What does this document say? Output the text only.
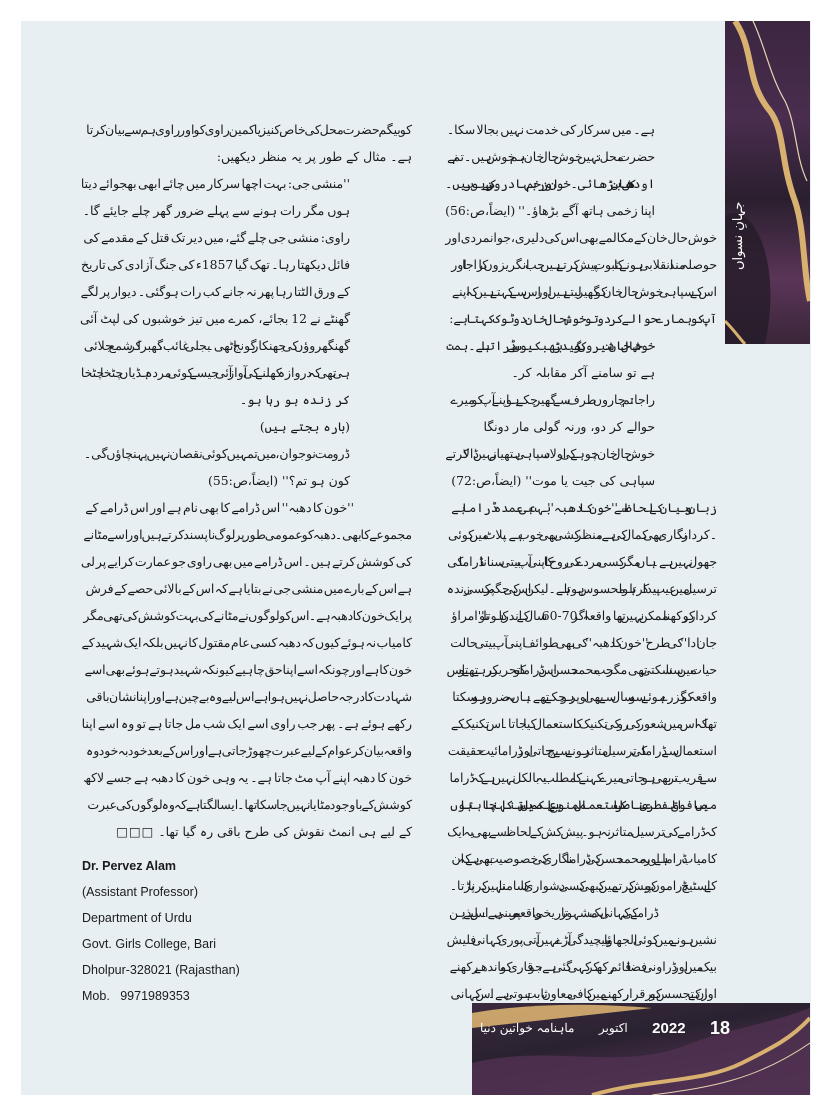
جہانِ نسواں

ہے۔ میں سرکار کی خدمت نہیں بجالا سکا۔

حضرت محل: نہیں خوش حال خان، ہم خوش ہیں۔تم نے

اودھ کی شان بڑھائی۔خون اور زخم بہادروں کے زیور ہیں۔

اپنا زخمی ہاتھ آگے بڑھاؤ۔'' (ایضاً،ص:56)

خوش حال خان کے مکالمے بھی اس کی دلیری، جوانمردی اور

حوصلہ مند انقلابی ہونے کا ثبوت پیش کرتے ہیں جب انگریزوں کا راجا اور

اس کے سپاہی خوش حال خان کو گھیر لیتے ہیں اور اس سے کہتے ہیں کہ اپنے

آپ کو ہمارے حوالے کر دو تو خوش حال خان دو ٹوک کہتا ہے:

خوش حال خان: شیروں کو گیدڑ بھبکیوں سے ڈراتا ہے۔ہمت

ہے تو سامنے آکر مقابلہ کر۔

راجا: تم چاروں طرف سے گھیر چکے ہو اپنے آپ کو میرے

حوالے کر دو، ورنہ گولی مار دونگا

خوش حال خان: چوہے کی اولاد سپاہی ہتھیار نہیں ڈالا کرتے

سپاہی کی جیت یا موت'' (ایضاً،ص:72)

زبان و بیان کے لحاظ سے ''خون کا دھبہ'' بہت ہی عمدہ ڈراما ہے

۔کردار نگاری بھی کمال کی ہے، منظر کشی بھی خوب ہے۔ پلاٹ میں کوئی

جھول نہیں ہے۔ ہاں مگر کسی مردے کی روح کا اپنی آپ بیتی سنانا ڈراما کی

ترسیل میں عیب پیدا کرتا ہوا محسوس ہوتا ہے۔لیکن اس کی جگہ پر کسی زندہ

کردار کو رکھنا ممکن نہیں تھا۔ واقعہ اگر 70-60 سال کے اندر کا ہوتا تو ''امراؤ

جان ادا'' کی طرح ''خون کا دھبہ'' کی بھی طوائف اپنی آپ بیتی حالت

حیات میں سنا سکتی تھی۔ مگر جب محمد حسن اس ڈراما کو تحریر کر رہے تھے تو اس

واقعہ کو گزرے ہوئے سو سال سے بھی اوپر ہو چکے تھے۔ ہاں یہ ضرور ہو سکتا

تھا کہ اس میں شعور کی رو کی تکنیک کا استعمال کیا جاتا۔ اس تکنیک کے

استعمال سے ڈراما کی ترسیل متاثر ہونے سے بچ جاتی اور ڈرامائیت حقیقت

سے قریب تر بھی ہو جاتی میرے کہنے کا مطلب یہ بالکل نہیں ہے کہ ڈراما

میں مافوق الفطری عناصر کا استعمال ممنوع ہے بلکہ میں بس اتنا کہنا چاہتا ہوں

کہ ڈرامے کی ترسیل متاثر نہ ہو۔ پیش کش کے لحاظ سے بھی یہ ایک

کامیاب ڈراما ہے اور یہ محمد حسن کی ڈراما نگاری کی خصوصیت بھی ہے کہ ان

کے اسٹیج ڈراموں کو پیش کرتے میں کبھی کسی دشواری کا سامنا نہیں کرنا پڑتا۔

ڈرامے کی کہانی ایک مشہور تاریخی واقعہ پر مبنی ہے۔ اس لیے ذہن

نشیں ہونے میں کوئی الجھاؤ یا پیچیدگی آڑے نہیں آتی، پوری کہانی فلیش

بیک میں اور ڈراونی فضا قائم رکھ کر کہی گئی ہے، جو قاری کو باندھے رکھنے

اور ان کے تجسس کو برقرار رکھنے میں کافی معاون ثابت ہوتی ہے۔ اس کہانی

کو بیگم حضرت محل کی خاص کنیز یا کمین راوی کو اور راوی ہم سے بیان کرتا

ہے۔ مثال کے طور پر یہ منظر دیکھیں:

''منشی جی: بہت اچھا سرکار میں چائے ابھی بھجوائے دیتا

ہوں مگر رات ہونے سے پہلے ضرور گھر چلے جایئے گا۔

راوی: منشی جی چلے گئے، میں دیر تک قتل کے مقدمے کی

فائل دیکھتا رہا۔ تھک گیا 1857ء کی جنگ آزادی کی تاریخ

کے ورق الٹتا رہا پھر نہ جانے کب رات ہوگئی۔ دیوار پر لگے

گھنٹے نے 12 بجائے، کمرے میں تیز خوشبوں کی لپٹ آئی

گھنگھروؤں کی جھنکار گونج اٹھی۔ بجلی غائب، گھبرا کر شمع جلائی

ہی تھی کہ دروازہ کھلنے کی آواز آئی جیسے کوئی مردہ ہڈیاں چٹخا چٹخا

کر زندہ ہو رہا ہو۔

(بارہ بجتے ہیں)

ڈرو مت نوجوان، میں تمہیں کوئی نقصان نہیں پہنچاؤں گی۔

کون ہو تم؟'' (ایضاً،ص:55)

''خون کا دھبہ'' اس ڈرامے کا بھی نام ہے اور اس ڈرامے کے

مجموعے کا بھی۔ دھبہ کو عمومی طور پر لوگ ناپسند کرتے ہیں اور اسے مٹانے

کی کوشش کرتے ہیں۔ اس ڈرامے میں بھی راوی جو عمارت کرایے پر لی

ہے اس کے بارے میں منشی جی نے بتایا ہے کہ اس کے بالائی حصے کے فرش

پر ایک خون کا دھبہ ہے۔ اس کو لوگوں نے مٹانے کی بہت کوشش کی تھی مگر

کامیاب نہ ہوئے کیوں کہ دھبہ کسی عام مقتول کا نہیں بلکہ ایک شہید کے

خون کا ہے اور چونکہ اسے اپنا حق چاہیے کیونکہ شہید ہوتے ہوئے بھی اسے

شہادت کا درجہ حاصل نہیں ہوا ہے اس لیے وہ بے چین ہے اور اپنا نشان باقی

رکھے ہوئے ہے۔ پھر جب راوی اسے ایک شب مل جاتا ہے تو وہ اسے اپنا

واقعہ بیان کر عوام کے لیے عبرت چھوڑ جاتی ہے اور اس کے بعد خود بہ خود وہ

خون کا دھبہ اپنے آپ مٹ جاتا ہے۔ یہ وہی خون کا دھبہ ہے جسے لاکھ

کوشش کے باوجود مٹایا نہیں جا سکا تھا۔ ایسا لگتا ہے کہ وہ لوگوں کی عبرت

کے لیے ہی انمٹ نقوش کی طرح باقی رہ گیا تھا۔□□□

Dr. Pervez Alam
(Assistant Professor)
Department of Urdu
Govt. Girls College, Bari
Dholpur-328021 (Rajasthan)
Mob. 9971989353
ماہنامہ خواتین دنیا اکتوبر 2022 18
